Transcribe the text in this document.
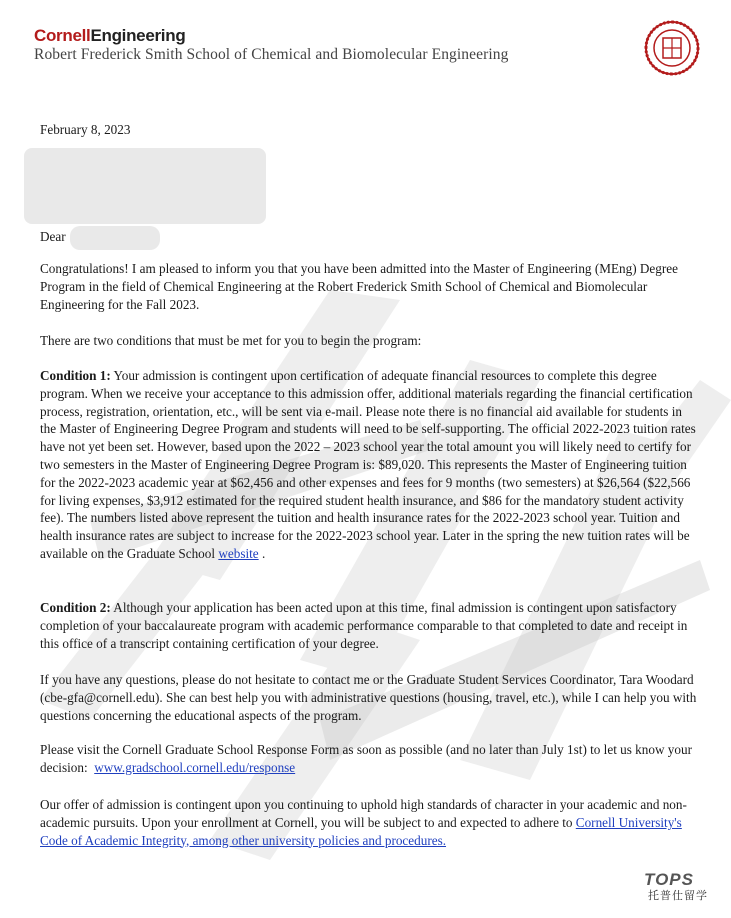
CornellEngineering
Robert Frederick Smith School of Chemical and Biomolecular Engineering
February 8, 2023
Dear

Congratulations! I am pleased to inform you that you have been admitted into the Master of Engineering (MEng) Degree Program in the field of Chemical Engineering at the Robert Frederick Smith School of Chemical and Biomolecular Engineering for the Fall 2023.

There are two conditions that must be met for you to begin the program:

Condition 1: Your admission is contingent upon certification of adequate financial resources to complete this degree program. When we receive your acceptance to this admission offer, additional materials regarding the financial certification process, registration, orientation, etc., will be sent via e-mail. Please note there is no financial aid available for students in the Master of Engineering Degree Program and students will need to be self-supporting. The official 2022-2023 tuition rates have not yet been set. However, based upon the 2022 – 2023 school year the total amount you will likely need to certify for two semesters in the Master of Engineering Degree Program is: $89,020. This represents the Master of Engineering tuition for the 2022-2023 academic year at $62,456 and other expenses and fees for 9 months (two semesters) at $26,564 ($22,566 for living expenses, $3,912 estimated for the required student health insurance, and $86 for the mandatory student activity fee). The numbers listed above represent the tuition and health insurance rates for the 2022-2023 school year. Tuition and health insurance rates are subject to increase for the 2022-2023 school year. Later in the spring the new tuition rates will be available on the Graduate School website .

Condition 2: Although your application has been acted upon at this time, final admission is contingent upon satisfactory completion of your baccalaureate program with academic performance comparable to that completed to date and receipt in this office of a transcript containing certification of your degree.

If you have any questions, please do not hesitate to contact me or the Graduate Student Services Coordinator, Tara Woodard (cbe-gfa@cornell.edu). She can best help you with administrative questions (housing, travel, etc.), while I can help you with questions concerning the educational aspects of the program.

Please visit the Cornell Graduate School Response Form as soon as possible (and no later than July 1st) to let us know your decision: www.gradschool.cornell.edu/response

Our offer of admission is contingent upon you continuing to uphold high standards of character in your academic and non-academic pursuits. Upon your enrollment at Cornell, you will be subject to and expected to adhere to Cornell University's Code of Academic Integrity, among other university policies and procedures.

TOPS
托普仕留学
